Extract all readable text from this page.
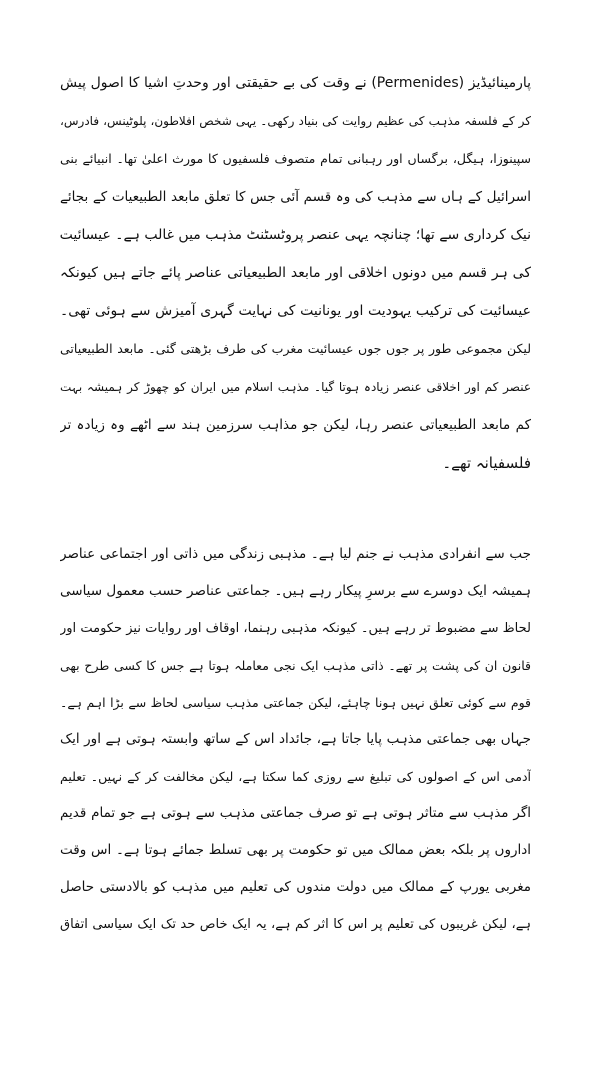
پارمینائیڈیز (Permenides) نے وقت کی بے حقیقتی اور وحدتِ اشیا کا اصول پیش
کر کے فلسفہ مذہب کی عظیم روایت کی بنیاد رکھی۔ یہی شخص افلاطون، پلوٹینس، فادرس،
سپینوزا، ہیگل، برگساں اور رہبانی تمام متصوف فلسفیوں کا مورث اعلیٰ تھا۔ انبیائے بنی
اسرائیل کے ہاں سے مذہب کی وہ قسم آئی جس کا تعلق مابعد الطبیعیات کے بجائے
نیک کرداری سے تھا؛ چنانچہ یہی عنصر پروٹسٹنٹ مذہب میں غالب ہے۔ عیسائیت
کی ہر قسم میں دونوں اخلاقی اور مابعد الطبیعیاتی عناصر پائے جاتے ہیں کیونکہ
عیسائیت کی ترکیب یہودیت اور یونانیت کی نہایت گہری آمیزش سے ہوئی تھی۔
لیکن مجموعی طور پر جوں جوں عیسائیت مغرب کی طرف بڑھتی گئی۔ مابعد الطبیعیاتی
عنصر کم اور اخلاقی عنصر زیادہ ہوتا گیا۔ مذہب اسلام میں ایران کو چھوڑ کر ہمیشہ بہت
کم مابعد الطبیعیاتی عنصر رہا، لیکن جو مذاہب سرزمین ہند سے اٹھے وہ زیادہ تر
فلسفیانہ تھے۔
جب سے انفرادی مذہب نے جنم لیا ہے۔ مذہبی زندگی میں ذاتی اور اجتماعی عناصر
ہمیشہ ایک دوسرے سے برسرِ پیکار رہے ہیں۔ جماعتی عناصر حسب معمول سیاسی
لحاظ سے مضبوط تر رہے ہیں۔ کیونکہ مذہبی رہنما، اوقاف اور روایات نیز حکومت اور
قانون ان کی پشت پر تھے۔ ذاتی مذہب ایک نجی معاملہ ہوتا ہے جس کا کسی طرح بھی
قوم سے کوئی تعلق نہیں ہونا چاہئے، لیکن جماعتی مذہب سیاسی لحاظ سے بڑا اہم ہے۔
جہاں بھی جماعتی مذہب پایا جاتا ہے، جائداد اس کے ساتھ وابستہ ہوتی ہے اور ایک
آدمی اس کے اصولوں کی تبلیغ سے روزی کما سکتا ہے، لیکن مخالفت کر کے نہیں۔ تعلیم
اگر مذہب سے متاثر ہوتی ہے تو صرف جماعتی مذہب سے ہوتی ہے جو تمام قدیم
اداروں پر بلکہ بعض ممالک میں تو حکومت پر بھی تسلط جمائے ہوتا ہے۔ اس وقت
مغربی یورپ کے ممالک میں دولت مندوں کی تعلیم میں مذہب کو بالادستی حاصل
ہے، لیکن غریبوں کی تعلیم پر اس کا اثر کم ہے، یہ ایک خاص حد تک ایک سیاسی اتفاق
